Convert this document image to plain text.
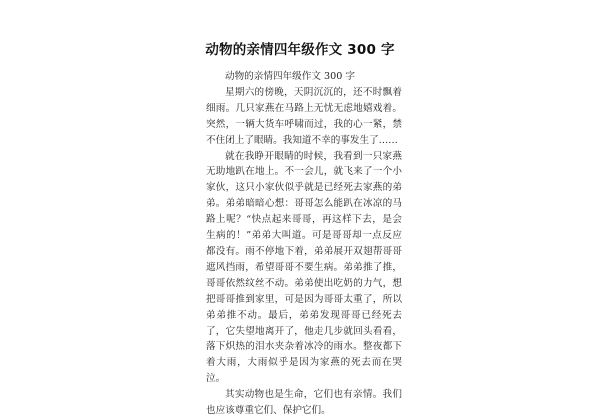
动物的亲情四年级作文 300 字

动物的亲情四年级作文 300 字

星期六的傍晚，天阴沉沉的，还不时飘着细雨。几只家燕在马路上无忧无虑地嬉戏着。突然，一辆大货车呼啸而过，我的心一紧，禁不住闭上了眼睛。我知道不幸的事发生了……

就在我睁开眼睛的时候，我看到一只家燕无助地趴在地上。不一会儿，就飞来了一个小家伙，这只小家伙似乎就是已经死去家燕的弟弟。弟弟暗暗心想：哥哥怎么能趴在冰凉的马路上呢？“快点起来哥哥，再这样下去，是会生病的！”弟弟大叫道。可是哥哥却一点反应都没有。雨不停地下着，弟弟展开双翅帮哥哥遮风挡雨，希望哥哥不要生病。弟弟推了推，哥哥依然纹丝不动。弟弟使出吃奶的力气，想把哥哥推到家里，可是因为哥哥太重了，所以弟弟推不动。最后，弟弟发现哥哥已经死去了，它失望地离开了，他走几步就回头看看，落下炽热的泪水夹杂着冰冷的雨水。整夜都下着大雨，大雨似乎是因为家燕的死去而在哭泣。

其实动物也是生命，它们也有亲情。我们也应该尊重它们、保护它们。
